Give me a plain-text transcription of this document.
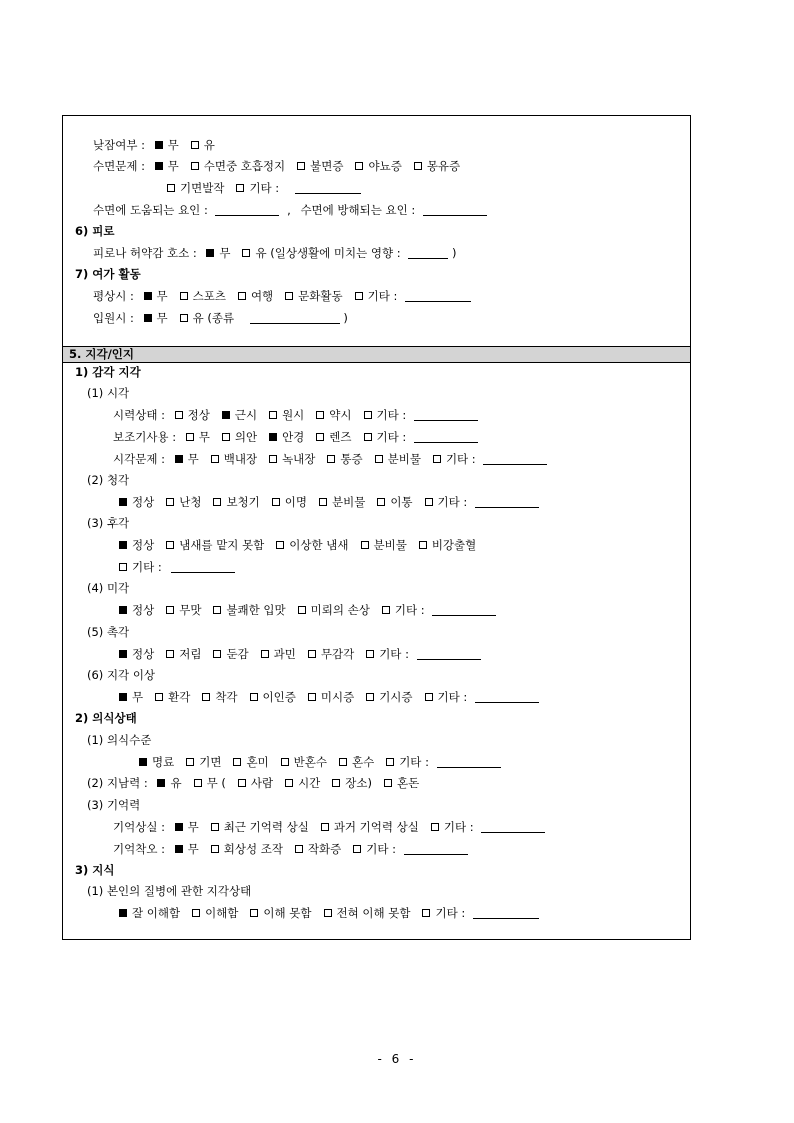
낮잠여부 : 무 유
수면문제 : 무 수면중 호흡정지 불면증 야뇨증 몽유증
기면발작 기타 :
수면에 도움되는 요인 :	, 수면에 방해되는 요인 :
6) 피로
피로나 허약감 호소 : 무 유 (일상생활에 미치는 영향 :	)
7) 여가 활동
평상시 : 무 스포츠 여행 문화활동 기타 :
입원시 : 무 유 (종류	)
5. 지각/인지
1) 감각 지각
(1) 시각
시력상태 : 정상 근시 원시 약시 기타 :
보조기사용 : 무 의안 안경 렌즈 기타 :
시각문제 : 무 백내장 녹내장 통증 분비물 기타 :
(2) 청각
정상 난청 보청기 이명 분비물 이통 기타 :
(3) 후각
정상 냄새를 맡지 못함 이상한 냄새 분비물 비강출혈
기타 :
(4) 미각
정상 무맛 불쾌한 입맛 미뢰의 손상 기타 :
(5) 촉각
정상 저림 둔감 과민 무감각 기타 :
(6) 지각 이상
무 환각 착각 이인증 미시증 기시증 기타 :
2) 의식상태
(1) 의식수준
명료 기면 혼미 반혼수 혼수 기타 :
(2) 지남력 : 유 무 ( 사람 시간 장소) 혼돈
(3) 기억력
기억상실 : 무 최근 기억력 상실 과거 기억력 상실 기타 :
기억착오 : 무 회상성 조작 작화증 기타 :
3) 지식
(1) 본인의 질병에 관한 지각상태
잘 이해함 이해함 이해 못함 전혀 이해 못함 기타 :
- 6 -
